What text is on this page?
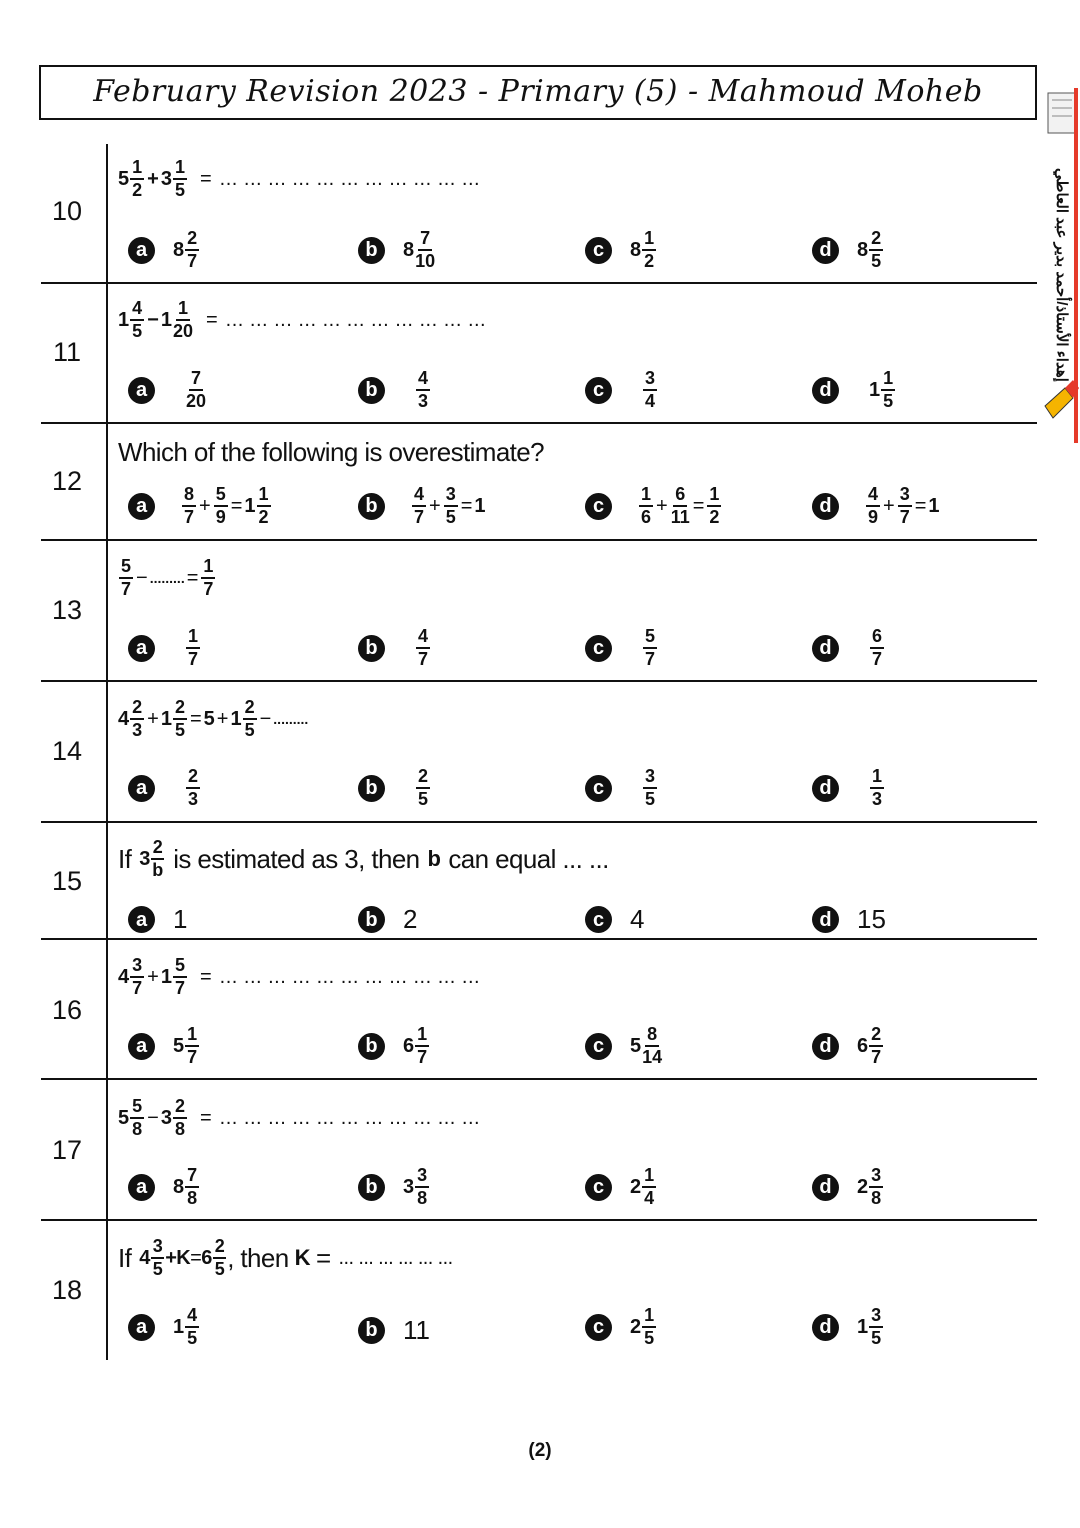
February Revision 2023 - Primary (5) - Mahmoud Moheb
إهداء الأستاذ/أحمد بدير عبد العاطي
10
$5 \frac{1}{2} + 3 \frac{1}{5}$ = ... ... ... ... ... ... ... ... ... ... ...
a	$8 \frac{2}{7}$	b	$8 \frac{7}{10}$	c	$8 \frac{1}{2}$	d	$8 \frac{2}{5}$
11
$1 \frac{4}{5} - 1 \frac{1}{20}$ = ... ... ... ... ... ... ... ... ... ... ...
a	$\frac{7}{20}$	b	$\frac{4}{3}$	c	$\frac{3}{4}$	d	$1 \frac{1}{5}$
12
Which of the following is overestimate?
a	$\frac{8}{7} + \frac{5}{9} = 1 \frac{1}{2}$	b	$\frac{4}{7} + \frac{3}{5} = 1$	c	$\frac{1}{6} + \frac{6}{11} = \frac{1}{2}$	d	$\frac{4}{9} + \frac{3}{7} = 1$
13
$\frac{5}{7}$ − ......... = $\frac{1}{7}$
a	$\frac{1}{7}$	b	$\frac{4}{7}$	c	$\frac{5}{7}$	d	$\frac{6}{7}$
14
$4 \frac{2}{3} + 1 \frac{2}{5} = 5 + 1 \frac{2}{5}$ − .........
a	$\frac{2}{3}$	b	$\frac{2}{5}$	c	$\frac{3}{5}$	d	$\frac{1}{3}$
15
If $3 \frac{2}{b}$ is estimated as 3, then b can equal ... ...
a 1	b 2	c 4	d 15
16
$4 \frac{3}{7} + 1 \frac{5}{7}$ = ... ... ... ... ... ... ... ... ... ... ...
a	$5 \frac{1}{7}$	b	$6 \frac{1}{7}$	c	$5 \frac{8}{14}$	d	$6 \frac{2}{7}$
17
$5 \frac{5}{8} - 3 \frac{2}{8}$ = ... ... ... ... ... ... ... ... ... ... ...
a	$8 \frac{7}{8}$	b	$3 \frac{3}{8}$	c	$2 \frac{1}{4}$	d	$2 \frac{3}{8}$
18
If $4 \frac{3}{5} + K = 6 \frac{2}{5}$ , then K = ... ... ... ... ... ...
a	$1 \frac{4}{5}$	b 11	c	$2 \frac{1}{5}$	d	$1 \frac{3}{5}$
(2)
